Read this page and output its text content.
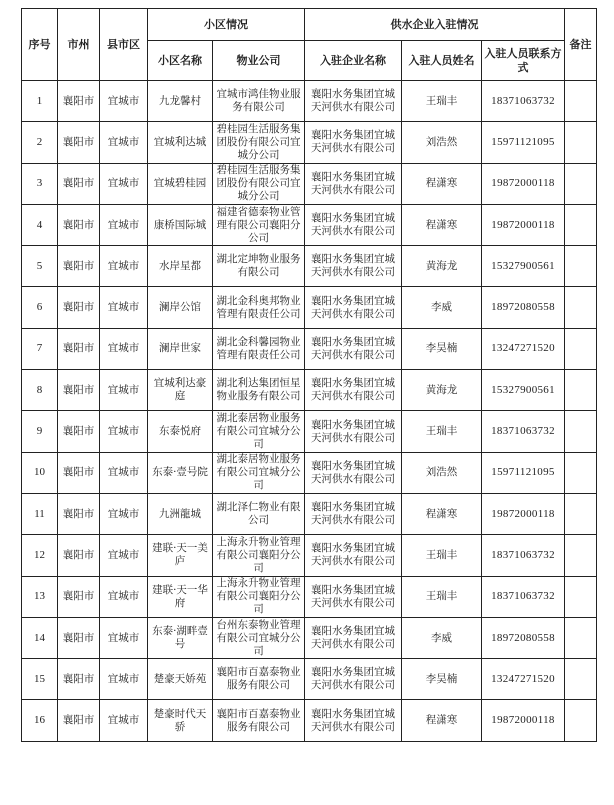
序号	市州	县市区	小区情况		供水企业入驻情况			备注
			小区名称	物业公司	入驻企业名称	入驻人员姓名	入驻人员联系方式	
1	襄阳市	宜城市	九龙馨村	宜城市鸿佳物业服务有限公司	襄阳水务集团宜城天河供水有限公司	王瑞丰	18371063732	
2	襄阳市	宜城市	宜城利达城	碧桂园生活服务集团股份有限公司宜城分公司	襄阳水务集团宜城天河供水有限公司	刘浩然	15971121095	
3	襄阳市	宜城市	宜城碧桂园	碧桂园生活服务集团股份有限公司宜城分公司	襄阳水务集团宜城天河供水有限公司	程潇寒	19872000118	
4	襄阳市	宜城市	康桥国际城	福建省德泰物业管理有限公司襄阳分公司	襄阳水务集团宜城天河供水有限公司	程潇寒	19872000118	
5	襄阳市	宜城市	水岸星都	湖北定坤物业服务有限公司	襄阳水务集团宜城天河供水有限公司	黄海龙	15327900561	
6	襄阳市	宜城市	澜岸公馆	湖北金科奥邦物业管理有限责任公司	襄阳水务集团宜城天河供水有限公司	李威	18972080558	
7	襄阳市	宜城市	澜岸世家	湖北金科馨园物业管理有限责任公司	襄阳水务集团宜城天河供水有限公司	李昊楠	13247271520	
8	襄阳市	宜城市	宜城利达豪庭	湖北利达集团恒星物业服务有限公司	襄阳水务集团宜城天河供水有限公司	黄海龙	15327900561	
9	襄阳市	宜城市	东泰悦府	湖北泰居物业服务有限公司宜城分公司	襄阳水务集团宜城天河供水有限公司	王瑞丰	18371063732	
10	襄阳市	宜城市	东泰·壹号院	湖北泰居物业服务有限公司宜城分公司	襄阳水务集团宜城天河供水有限公司	刘浩然	15971121095	
11	襄阳市	宜城市	九洲龍城	湖北泽仁物业有限公司	襄阳水务集团宜城天河供水有限公司	程潇寒	19872000118	
12	襄阳市	宜城市	建联·天一美庐	上海永升物业管理有限公司襄阳分公司	襄阳水务集团宜城天河供水有限公司	王瑞丰	18371063732	
13	襄阳市	宜城市	建联·天一华府	上海永升物业管理有限公司襄阳分公司	襄阳水务集团宜城天河供水有限公司	王瑞丰	18371063732	
14	襄阳市	宜城市	东泰·湖畔壹号	台州东泰物业管理有限公司宜城分公司	襄阳水务集团宜城天河供水有限公司	李威	18972080558	
15	襄阳市	宜城市	楚豪天娇苑	襄阳市百嘉泰物业服务有限公司	襄阳水务集团宜城天河供水有限公司	李昊楠	13247271520	
16	襄阳市	宜城市	楚豪时代天骄	襄阳市百嘉泰物业服务有限公司	襄阳水务集团宜城天河供水有限公司	程潇寒	19872000118	
